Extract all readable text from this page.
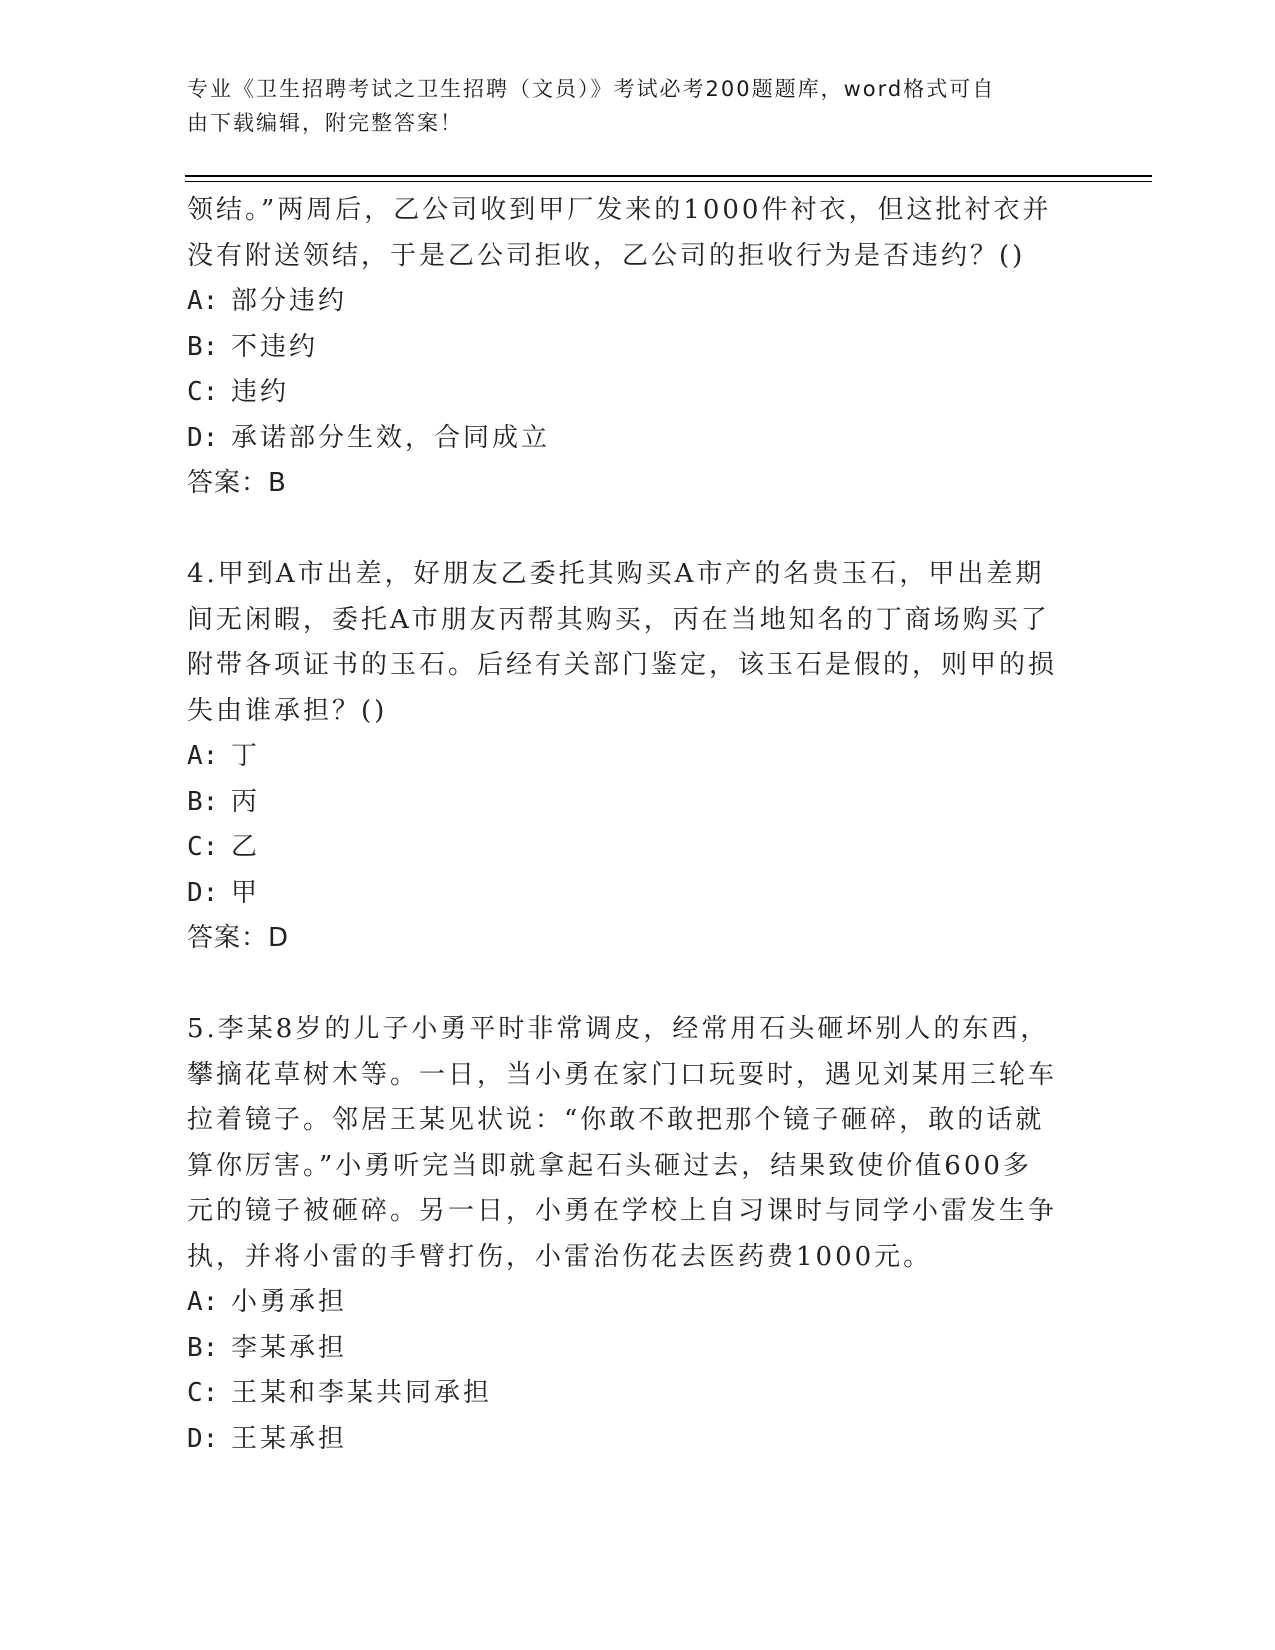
专业《卫生招聘考试之卫生招聘（文员）》考试必考200题题库，word格式可自
由下载编辑，附完整答案！
领结。”两周后，乙公司收到甲厂发来的1000件衬衣，但这批衬衣并
没有附送领结，于是乙公司拒收，乙公司的拒收行为是否违约？()
A: 部分违约
B: 不违约
C: 违约
D: 承诺部分生效，合同成立
答案：B
4.甲到A市出差，好朋友乙委托其购买A市产的名贵玉石，甲出差期
间无闲暇，委托A市朋友丙帮其购买，丙在当地知名的丁商场购买了
附带各项证书的玉石。后经有关部门鉴定，该玉石是假的，则甲的损
失由谁承担？()
A: 丁
B: 丙
C: 乙
D: 甲
答案：D
5.李某8岁的儿子小勇平时非常调皮，经常用石头砸坏别人的东西，
攀摘花草树木等。一日，当小勇在家门口玩耍时，遇见刘某用三轮车
拉着镜子。邻居王某见状说：“你敢不敢把那个镜子砸碎，敢的话就
算你厉害。”小勇听完当即就拿起石头砸过去，结果致使价值600多
元的镜子被砸碎。另一日，小勇在学校上自习课时与同学小雷发生争
执，并将小雷的手臂打伤，小雷治伤花去医药费1000元。
A: 小勇承担
B: 李某承担
C: 王某和李某共同承担
D: 王某承担
